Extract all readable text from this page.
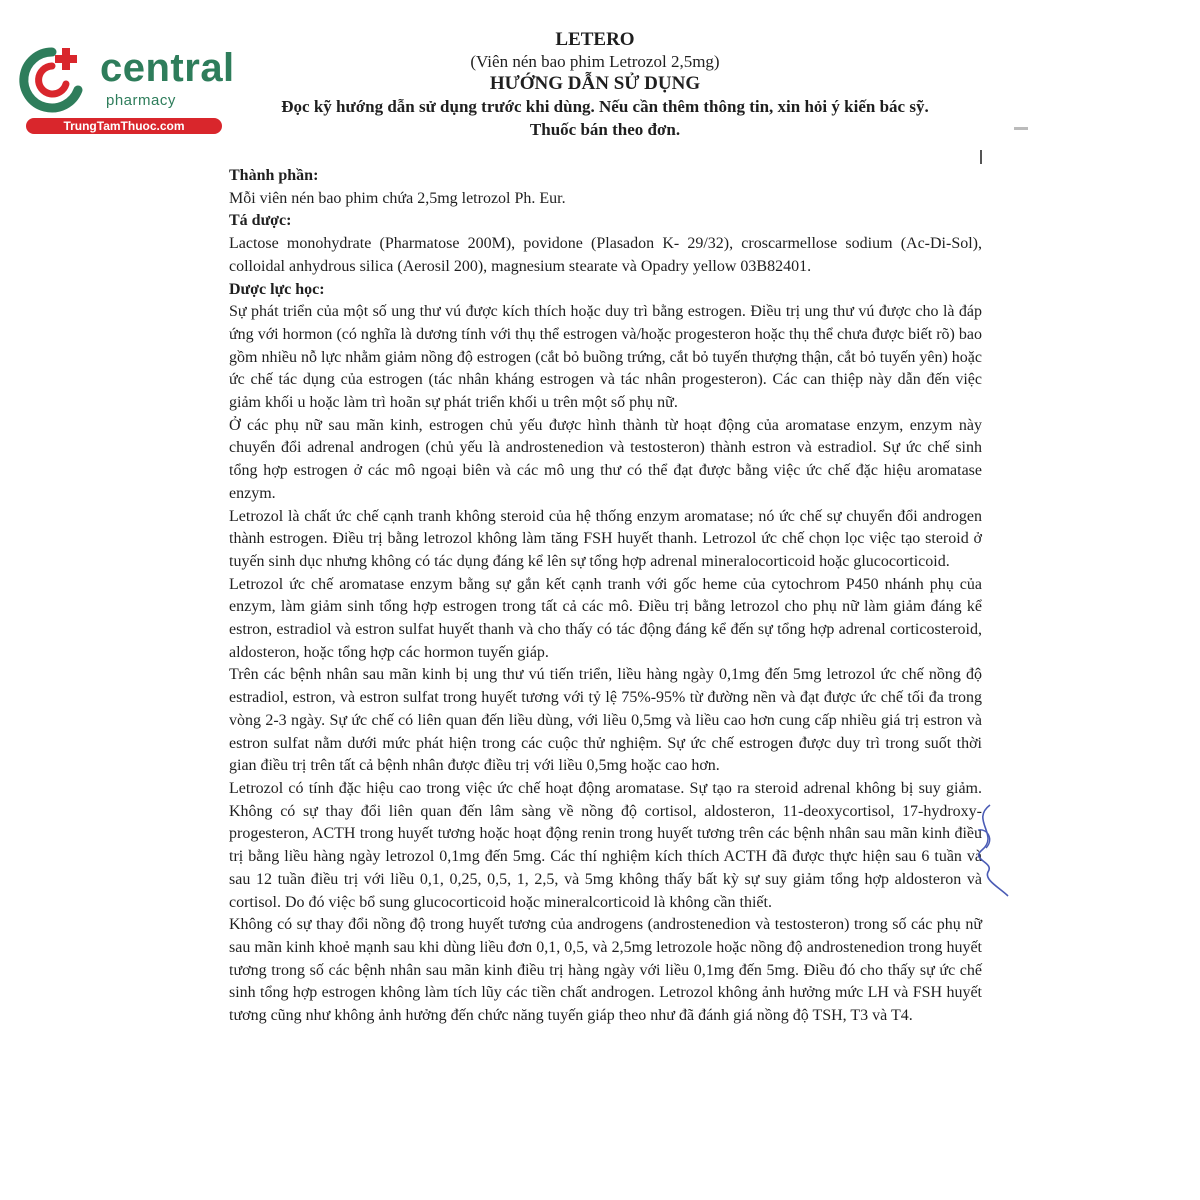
central
pharmacy
TrungTamThuoc.com
LETERO
(Viên nén bao phim Letrozol 2,5mg)
HƯỚNG DẪN SỬ DỤNG
Đọc kỹ hướng dẫn sử dụng trước khi dùng. Nếu cần thêm thông tin, xin hỏi ý kiến bác sỹ.
Thuốc bán theo đơn.

Thành phần:

Mỗi viên nén bao phim chứa 2,5mg letrozol Ph. Eur.

Tá dược:

Lactose monohydrate (Pharmatose 200M), povidone (Plasadon K- 29/32), croscarmellose sodium (Ac-Di-Sol), colloidal anhydrous silica (Aerosil 200), magnesium stearate và Opadry yellow 03B82401.

Dược lực học:

Sự phát triển của một số ung thư vú được kích thích hoặc duy trì bằng estrogen. Điều trị ung thư vú được cho là đáp ứng với hormon (có nghĩa là dương tính với thụ thể estrogen và/hoặc progesteron hoặc thụ thể chưa được biết rõ) bao gồm nhiều nỗ lực nhằm giảm nồng độ estrogen (cắt bỏ buồng trứng, cắt bỏ tuyến thượng thận, cắt bỏ tuyến yên) hoặc ức chế tác dụng của estrogen (tác nhân kháng estrogen và tác nhân progesteron). Các can thiệp này dẫn đến việc giảm khối u hoặc làm trì hoãn sự phát triển khối u trên một số phụ nữ.

Ở các phụ nữ sau mãn kinh, estrogen chủ yếu được hình thành từ hoạt động của aromatase enzym, enzym này chuyển đổi adrenal androgen (chủ yếu là androstenedion và testosteron) thành estron và estradiol. Sự ức chế sinh tổng hợp estrogen ở các mô ngoại biên và các mô ung thư có thể đạt được bằng việc ức chế đặc hiệu aromatase enzym.

Letrozol là chất ức chế cạnh tranh không steroid của hệ thống enzym aromatase; nó ức chế sự chuyển đổi androgen thành estrogen. Điều trị bằng letrozol không làm tăng FSH huyết thanh. Letrozol ức chế chọn lọc việc tạo steroid ở tuyến sinh dục nhưng không có tác dụng đáng kể lên sự tổng hợp adrenal mineralocorticoid hoặc glucocorticoid.

Letrozol ức chế aromatase enzym bằng sự gắn kết cạnh tranh với gốc heme của cytochrom P450 nhánh phụ của enzym, làm giảm sinh tổng hợp estrogen trong tất cả các mô. Điều trị bằng letrozol cho phụ nữ làm giảm đáng kể estron, estradiol và estron sulfat huyết thanh và cho thấy có tác động đáng kể đến sự tổng hợp adrenal corticosteroid, aldosteron, hoặc tổng hợp các hormon tuyến giáp.

Trên các bệnh nhân sau mãn kinh bị ung thư vú tiến triển, liều hàng ngày 0,1mg đến 5mg letrozol ức chế nồng độ estradiol, estron, và estron sulfat trong huyết tương với tỷ lệ 75%-95% từ đường nền và đạt được ức chế tối đa trong vòng 2-3 ngày. Sự ức chế có liên quan đến liều dùng, với liều 0,5mg và liều cao hơn cung cấp nhiều giá trị estron và estron sulfat nằm dưới mức phát hiện trong các cuộc thử nghiệm. Sự ức chế estrogen được duy trì trong suốt thời gian điều trị trên tất cả bệnh nhân được điều trị với liều 0,5mg hoặc cao hơn.

Letrozol có tính đặc hiệu cao trong việc ức chế hoạt động aromatase. Sự tạo ra steroid adrenal không bị suy giảm. Không có sự thay đổi liên quan đến lâm sàng về nồng độ cortisol, aldosteron, 11-deoxycortisol, 17-hydroxy-progesteron, ACTH trong huyết tương hoặc hoạt động renin trong huyết tương trên các bệnh nhân sau mãn kinh điều trị bằng liều hàng ngày letrozol 0,1mg đến 5mg. Các thí nghiệm kích thích ACTH đã được thực hiện sau 6 tuần và sau 12 tuần điều trị với liều 0,1, 0,25, 0,5, 1, 2,5, và 5mg không thấy bất kỳ sự suy giảm tổng hợp aldosteron và cortisol. Do đó việc bổ sung glucocorticoid hoặc mineralcorticoid là không cần thiết.

Không có sự thay đổi nồng độ trong huyết tương của androgens (androstenedion và testosteron) trong số các phụ nữ sau mãn kinh khoẻ mạnh sau khi dùng liều đơn 0,1, 0,5, và 2,5mg letrozole hoặc nồng độ androstenedion trong huyết tương trong số các bệnh nhân sau mãn kinh điều trị hàng ngày với liều 0,1mg đến 5mg. Điều đó cho thấy sự ức chế sinh tổng hợp estrogen không làm tích lũy các tiền chất androgen. Letrozol không ảnh hưởng mức LH và FSH huyết tương cũng như không ảnh hưởng đến chức năng tuyến giáp theo như đã đánh giá nồng độ TSH, T3 và T4.
